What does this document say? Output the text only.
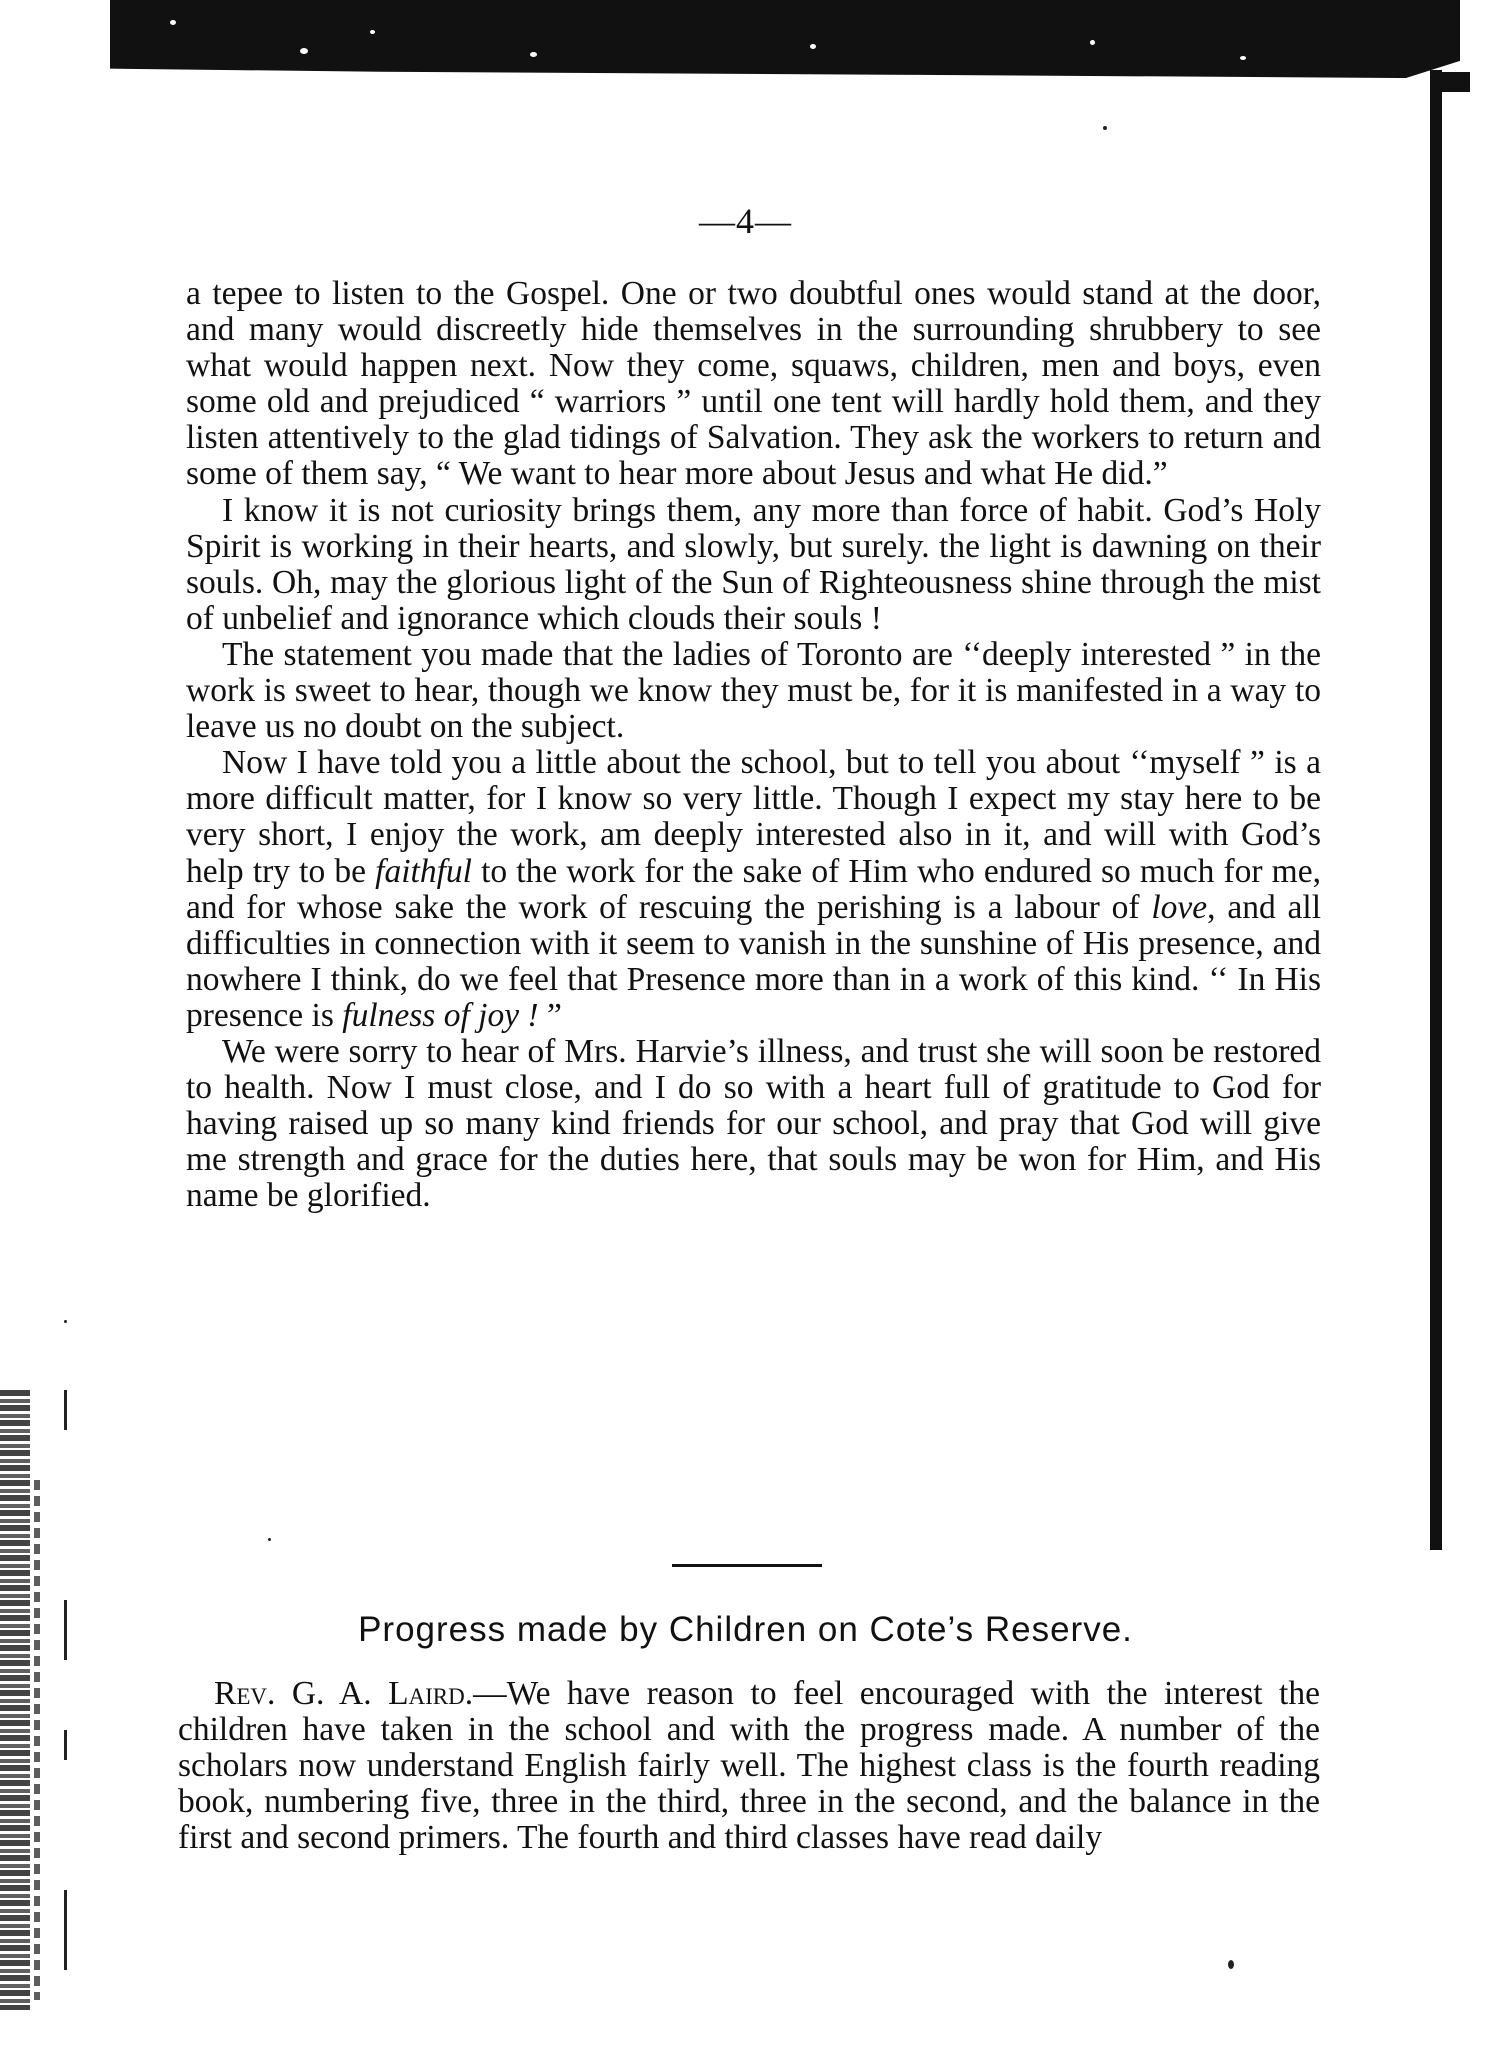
—4—

a tepee to listen to the Gospel. One or two doubtful ones would stand at the door, and many would discreetly hide themselves in the surrounding shrubbery to see what would happen next. Now they come, squaws, children, men and boys, even some old and prejudiced “ warriors ” until one tent will hardly hold them, and they listen attentively to the glad tidings of Salvation. They ask the workers to return and some of them say, “ We want to hear more about Jesus and what He did.”

I know it is not curiosity brings them, any more than force of habit. God’s Holy Spirit is working in their hearts, and slowly, but surely. the light is dawning on their souls. Oh, may the glorious light of the Sun of Righteousness shine through the mist of unbelief and ignorance which clouds their souls !

The statement you made that the ladies of Toronto are ‘‘deeply interested ” in the work is sweet to hear, though we know they must be, for it is manifested in a way to leave us no doubt on the subject.

Now I have told you a little about the school, but to tell you about ‘‘myself ” is a more difficult matter, for I know so very little. Though I expect my stay here to be very short, I enjoy the work, am deeply interested also in it, and will with God’s help try to be faithful to the work for the sake of Him who endured so much for me, and for whose sake the work of rescuing the perishing is a labour of love, and all difficulties in connection with it seem to vanish in the sunshine of His presence, and nowhere I think, do we feel that Presence more than in a work of this kind. ‘‘ In His presence is fulness of joy ! ”

We were sorry to hear of Mrs. Harvie’s illness, and trust she will soon be restored to health. Now I must close, and I do so with a heart full of gratitude to God for having raised up so many kind friends for our school, and pray that God will give me strength and grace for the duties here, that souls may be won for Him, and His name be glorified.

Progress made by Children on Cote’s Reserve.

Rev. G. A. Laird.—We have reason to feel encouraged with the interest the children have taken in the school and with the progress made. A number of the scholars now understand English fairly well. The highest class is the fourth reading book, numbering five, three in the third, three in the second, and the balance in the first and second primers. The fourth and third classes have read daily
